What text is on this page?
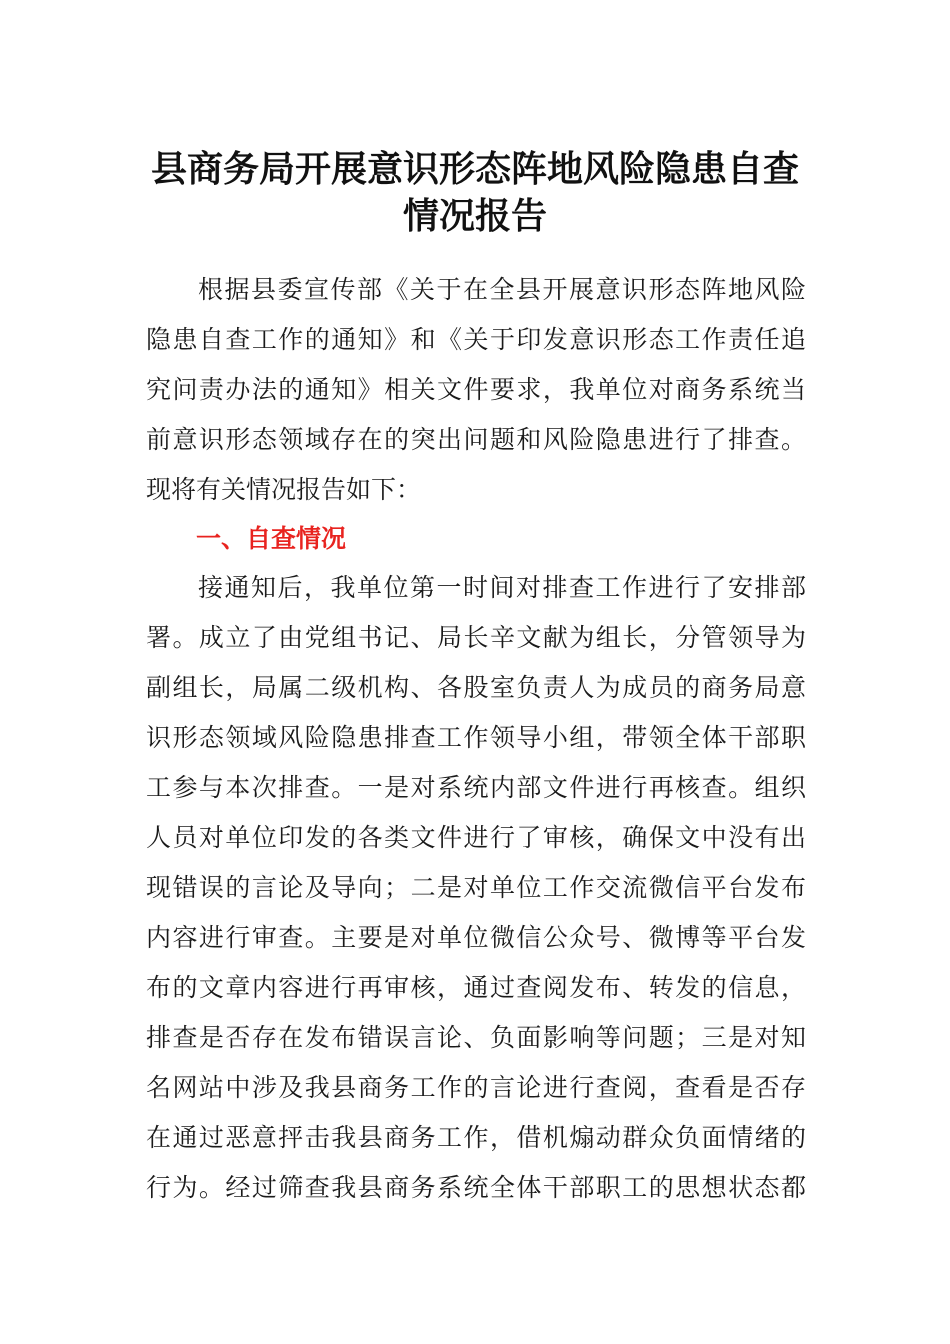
县商务局开展意识形态阵地风险隐患自查
情况报告

根据县委宣传部《关于在全县开展意识形态阵地风险

隐患自查工作的通知》和《关于印发意识形态工作责任追

究问责办法的通知》相关文件要求，我单位对商务系统当

前意识形态领域存在的突出问题和风险隐患进行了排查。

现将有关情况报告如下：

一、自查情况

接通知后，我单位第一时间对排查工作进行了安排部

署。成立了由党组书记、局长辛文献为组长，分管领导为

副组长，局属二级机构、各股室负责人为成员的商务局意

识形态领域风险隐患排查工作领导小组，带领全体干部职

工参与本次排查。一是对系统内部文件进行再核查。组织

人员对单位印发的各类文件进行了审核，确保文中没有出

现错误的言论及导向；二是对单位工作交流微信平台发布

内容进行审查。主要是对单位微信公众号、微博等平台发

布的文章内容进行再审核，通过查阅发布、转发的信息，

排查是否存在发布错误言论、负面影响等问题；三是对知

名网站中涉及我县商务工作的言论进行查阅，查看是否存

在通过恶意抨击我县商务工作，借机煽动群众负面情绪的

行为。经过筛查我县商务系统全体干部职工的思想状态都
